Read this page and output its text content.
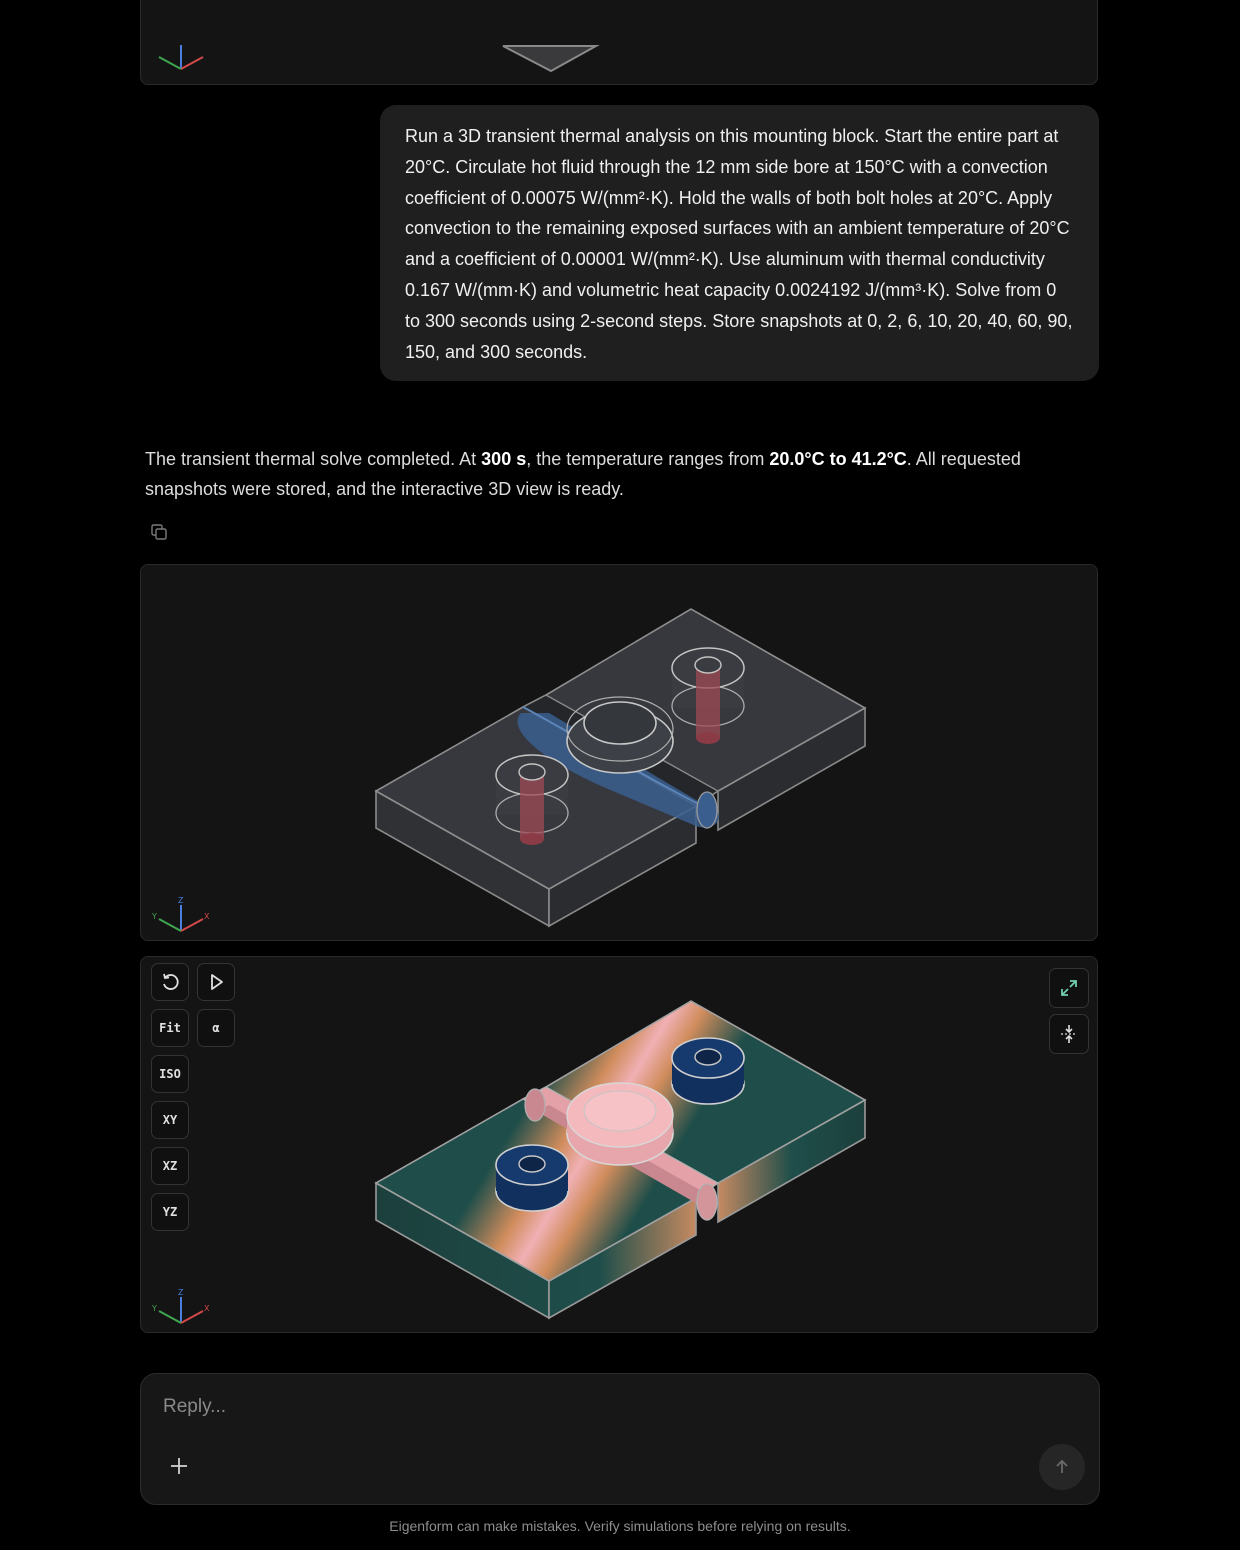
Run a 3D transient thermal analysis on this mounting block. Start the entire part at 20°C. Circulate hot fluid through the 12 mm side bore at 150°C with a convection coefficient of 0.00075 W/(mm²·K). Hold the walls of both bolt holes at 20°C. Apply convection to the remaining exposed surfaces with an ambient temperature of 20°C and a coefficient of 0.00001 W/(mm²·K). Use aluminum with thermal conductivity 0.167 W/(mm·K) and volumetric heat capacity 0.0024192 J/(mm³·K). Solve from 0 to 300 seconds using 2-second steps. Store snapshots at 0, 2, 6, 10, 20, 40, 60, 90, 150, and 300 seconds.
The transient thermal solve completed. At 300 s, the temperature ranges from 20.0°C to 41.2°C. All requested snapshots were stored, and the interactive 3D view is ready.
Z
X
Y
Fit	α
ISO
XY
XZ
YZ
Z
X
Y
Reply...
Eigenform can make mistakes. Verify simulations before relying on results.
